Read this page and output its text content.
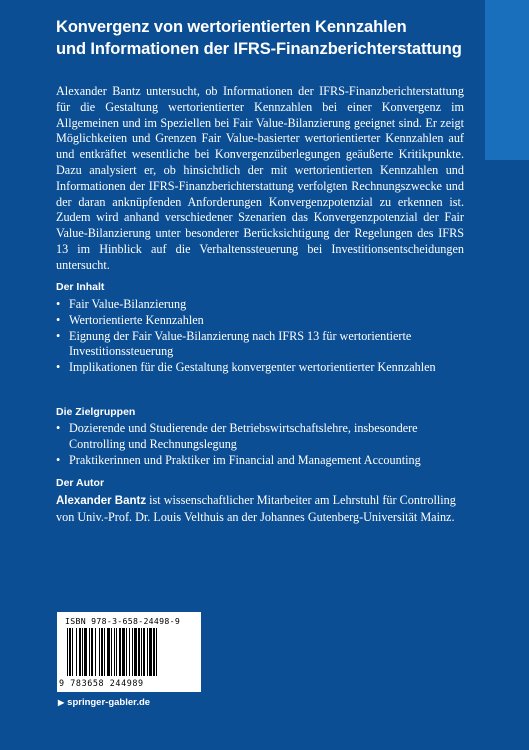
Konvergenz von wertorientierten Kennzahlen
und Informationen der IFRS-Finanzberichterstattung
Alexander Bantz untersucht, ob Informationen der IFRS-Finanzberichterstattung für die Gestaltung wertorientierter Kennzahlen bei einer Konvergenz im Allgemeinen und im Speziellen bei Fair Value-Bilanzierung geeignet sind. Er zeigt Möglichkeiten und Grenzen Fair Value-basierter wertorientierter Kennzahlen auf und entkräftet wesentliche bei Konvergenzüberlegungen geäußerte Kritikpunkte. Dazu analysiert er, ob hinsichtlich der mit wertorientierten Kennzahlen und Informationen der IFRS-Finanzberichterstattung verfolgten Rechnungszwecke und der daran anknüpfenden Anforderungen Konvergenzpotenzial zu erkennen ist. Zudem wird anhand verschiedener Szenarien das Konvergenzpotenzial der Fair Value-Bilanzierung unter besonderer Berücksichtigung der Regelungen des IFRS 13 im Hinblick auf die Verhaltenssteuerung bei Investitionsentscheidungen untersucht.
Der Inhalt
• Fair Value-Bilanzierung
• Wertorientierte Kennzahlen
• Eignung der Fair Value-Bilanzierung nach IFRS 13 für wertorientierte Investitionssteuerung
• Implikationen für die Gestaltung konvergenter wertorientierter Kennzahlen
Die Zielgruppen
• Dozierende und Studierende der Betriebswirtschaftslehre, insbesondere Controlling und Rechnungslegung
• Praktikerinnen und Praktiker im Financial and Management Accounting
Der Autor
Alexander Bantz ist wissenschaftlicher Mitarbeiter am Lehrstuhl für Controlling von Univ.-Prof. Dr. Louis Velthuis an der Johannes Gutenberg-Universität Mainz.
ISBN 978-3-658-24498-9
9 783658 244989
▶ springer-gabler.de
